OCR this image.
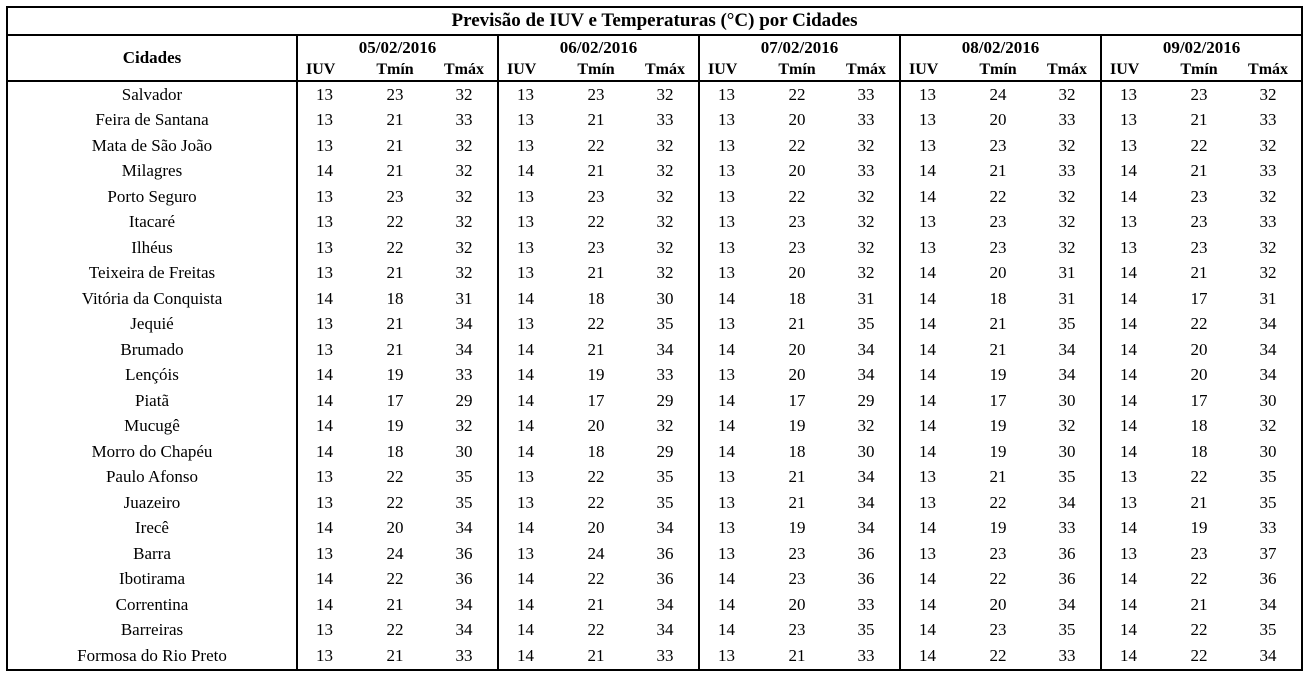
Previsão de IUV e Temperaturas (°C) por Cidades															
Cidades	05/02/2016			06/02/2016			07/02/2016			08/02/2016			09/02/2016		
	IUV	Tmín	Tmáx	IUV	Tmín	Tmáx	IUV	Tmín	Tmáx	IUV	Tmín	Tmáx	IUV	Tmín	Tmáx
Salvador	13	23	32	13	23	32	13	22	33	13	24	32	13	23	32
Feira de Santana	13	21	33	13	21	33	13	20	33	13	20	33	13	21	33
Mata de São João	13	21	32	13	22	32	13	22	32	13	23	32	13	22	32
Milagres	14	21	32	14	21	32	13	20	33	14	21	33	14	21	33
Porto Seguro	13	23	32	13	23	32	13	22	32	14	22	32	14	23	32
Itacaré	13	22	32	13	22	32	13	23	32	13	23	32	13	23	33
Ilhéus	13	22	32	13	23	32	13	23	32	13	23	32	13	23	32
Teixeira de Freitas	13	21	32	13	21	32	13	20	32	14	20	31	14	21	32
Vitória da Conquista	14	18	31	14	18	30	14	18	31	14	18	31	14	17	31
Jequié	13	21	34	13	22	35	13	21	35	14	21	35	14	22	34
Brumado	13	21	34	14	21	34	14	20	34	14	21	34	14	20	34
Lençóis	14	19	33	14	19	33	13	20	34	14	19	34	14	20	34
Piatã	14	17	29	14	17	29	14	17	29	14	17	30	14	17	30
Mucugê	14	19	32	14	20	32	14	19	32	14	19	32	14	18	32
Morro do Chapéu	14	18	30	14	18	29	14	18	30	14	19	30	14	18	30
Paulo Afonso	13	22	35	13	22	35	13	21	34	13	21	35	13	22	35
Juazeiro	13	22	35	13	22	35	13	21	34	13	22	34	13	21	35
Irecê	14	20	34	14	20	34	13	19	34	14	19	33	14	19	33
Barra	13	24	36	13	24	36	13	23	36	13	23	36	13	23	37
Ibotirama	14	22	36	14	22	36	14	23	36	14	22	36	14	22	36
Correntina	14	21	34	14	21	34	14	20	33	14	20	34	14	21	34
Barreiras	13	22	34	14	22	34	14	23	35	14	23	35	14	22	35
Formosa do Rio Preto	13	21	33	14	21	33	13	21	33	14	22	33	14	22	34
